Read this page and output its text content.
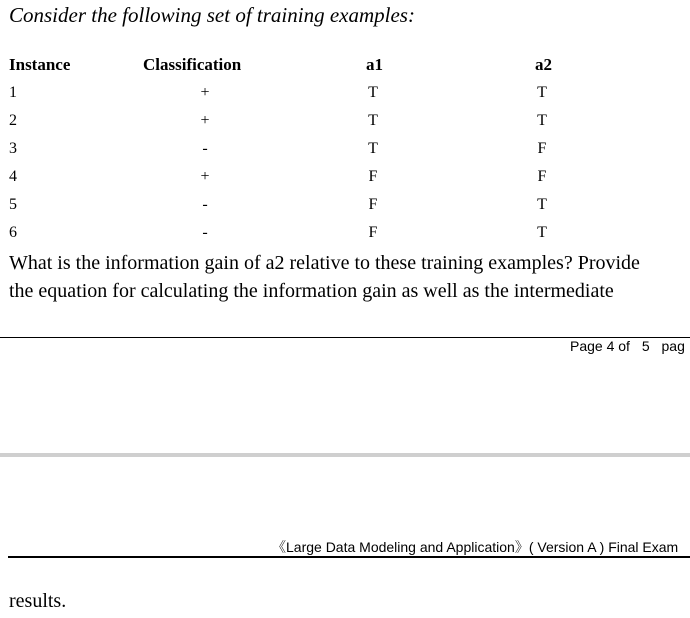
Consider the following set of training examples:
Instance	Classification	a1	a2
1	+	T	T
2	+	T	T
3	-	T	F
4	+	F	F
5	-	F	T
6	-	F	T
What is the information gain of a2 relative to these training examples? Provide
the equation for calculating the information gain as well as the intermediate
Page 4 of 5 pag
《Large Data Modeling and Application》( Version A ) Final Exam
results.
